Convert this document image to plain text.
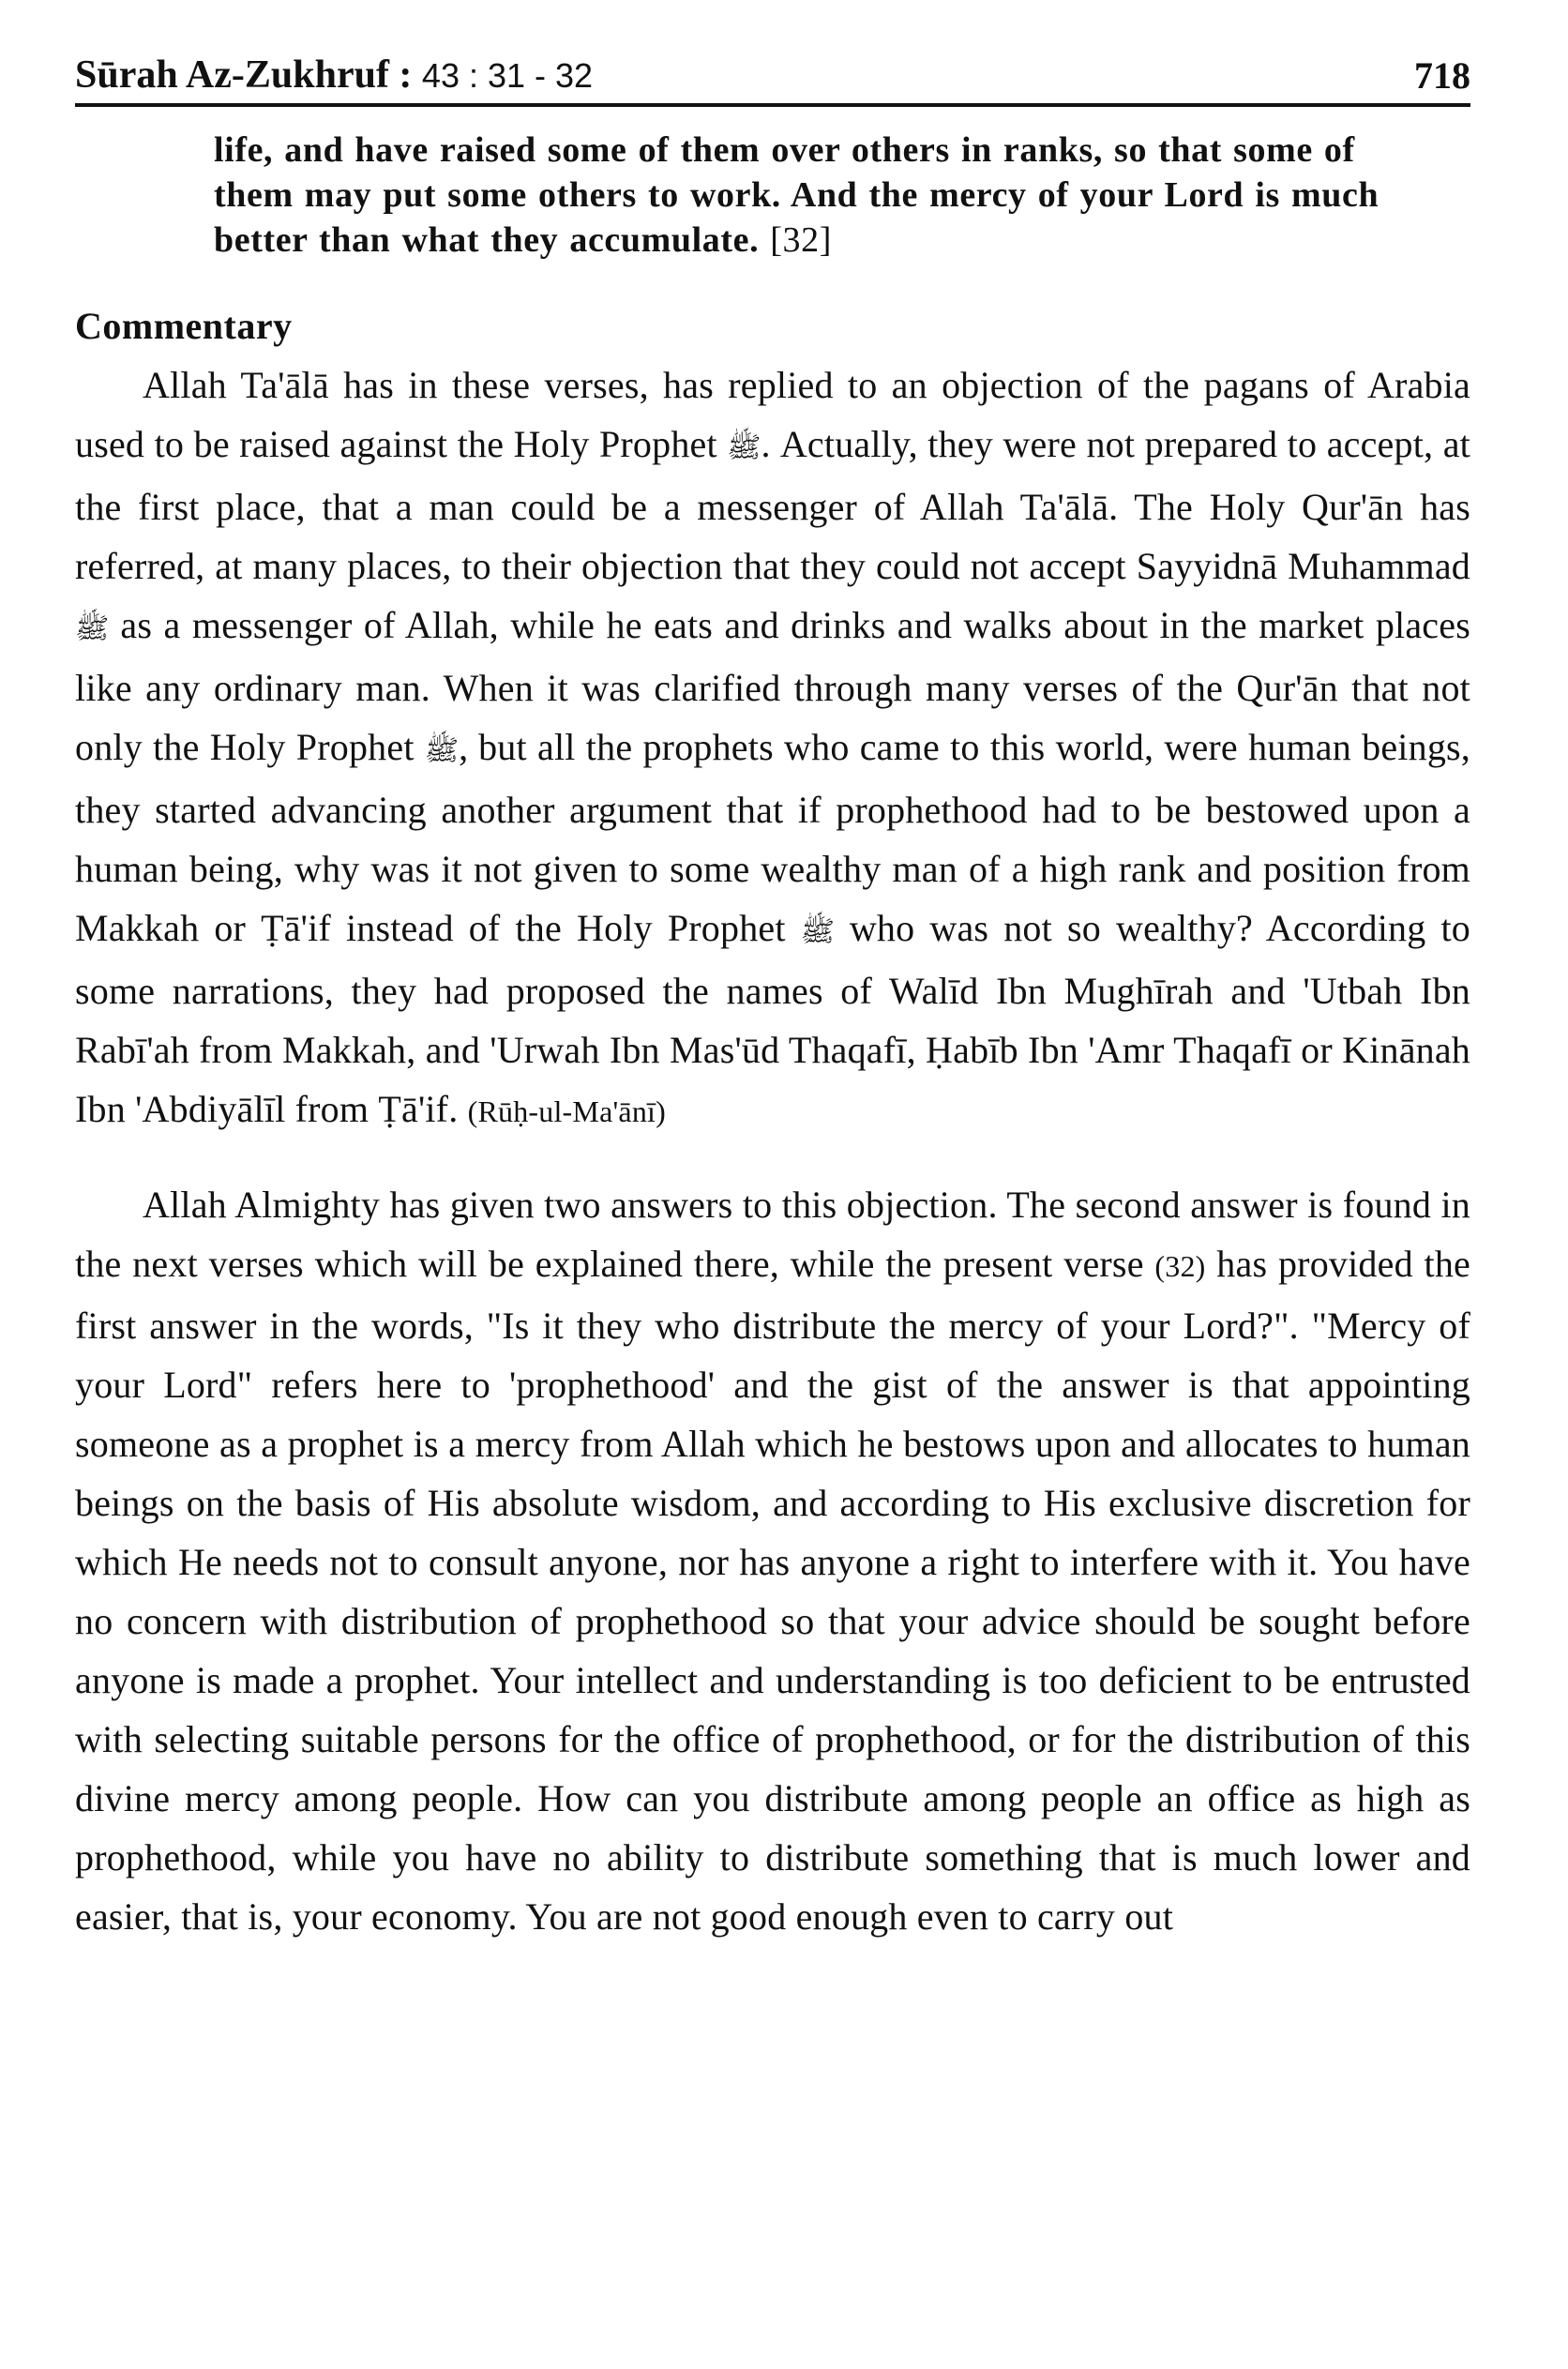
Sūrah Az-Zukhruf : 43 : 31 - 32	718
life, and have raised some of them over others in ranks, so that some of them may put some others to work. And the mercy of your Lord is much better than what they accumulate. [32]
Commentary

Allah Ta'ālā has in these verses, has replied to an objection of the pagans of Arabia used to be raised against the Holy Prophet ﷺ. Actually, they were not prepared to accept, at the first place, that a man could be a messenger of Allah Ta'ālā. The Holy Qur'ān has referred, at many places, to their objection that they could not accept Sayyidnā Muhammad ﷺ as a messenger of Allah, while he eats and drinks and walks about in the market places like any ordinary man. When it was clarified through many verses of the Qur'ān that not only the Holy Prophet ﷺ, but all the prophets who came to this world, were human beings, they started advancing another argument that if prophethood had to be bestowed upon a human being, why was it not given to some wealthy man of a high rank and position from Makkah or Ṭā'if instead of the Holy Prophet ﷺ who was not so wealthy? According to some narrations, they had proposed the names of Walīd Ibn Mughīrah and 'Utbah Ibn Rabī'ah from Makkah, and 'Urwah Ibn Mas'ūd Thaqafī, Ḥabīb Ibn 'Amr Thaqafī or Kinānah Ibn 'Abdiyālīl from Ṭā'if. (Rūḥ-ul-Ma'ānī)

Allah Almighty has given two answers to this objection. The second answer is found in the next verses which will be explained there, while the present verse (32) has provided the first answer in the words, "Is it they who distribute the mercy of your Lord?". "Mercy of your Lord" refers here to 'prophethood' and the gist of the answer is that appointing someone as a prophet is a mercy from Allah which he bestows upon and allocates to human beings on the basis of His absolute wisdom, and according to His exclusive discretion for which He needs not to consult anyone, nor has anyone a right to interfere with it. You have no concern with distribution of prophethood so that your advice should be sought before anyone is made a prophet. Your intellect and understanding is too deficient to be entrusted with selecting suitable persons for the office of prophethood, or for the distribution of this divine mercy among people. How can you distribute among people an office as high as prophethood, while you have no ability to distribute something that is much lower and easier, that is, your economy. You are not good enough even to carry out
